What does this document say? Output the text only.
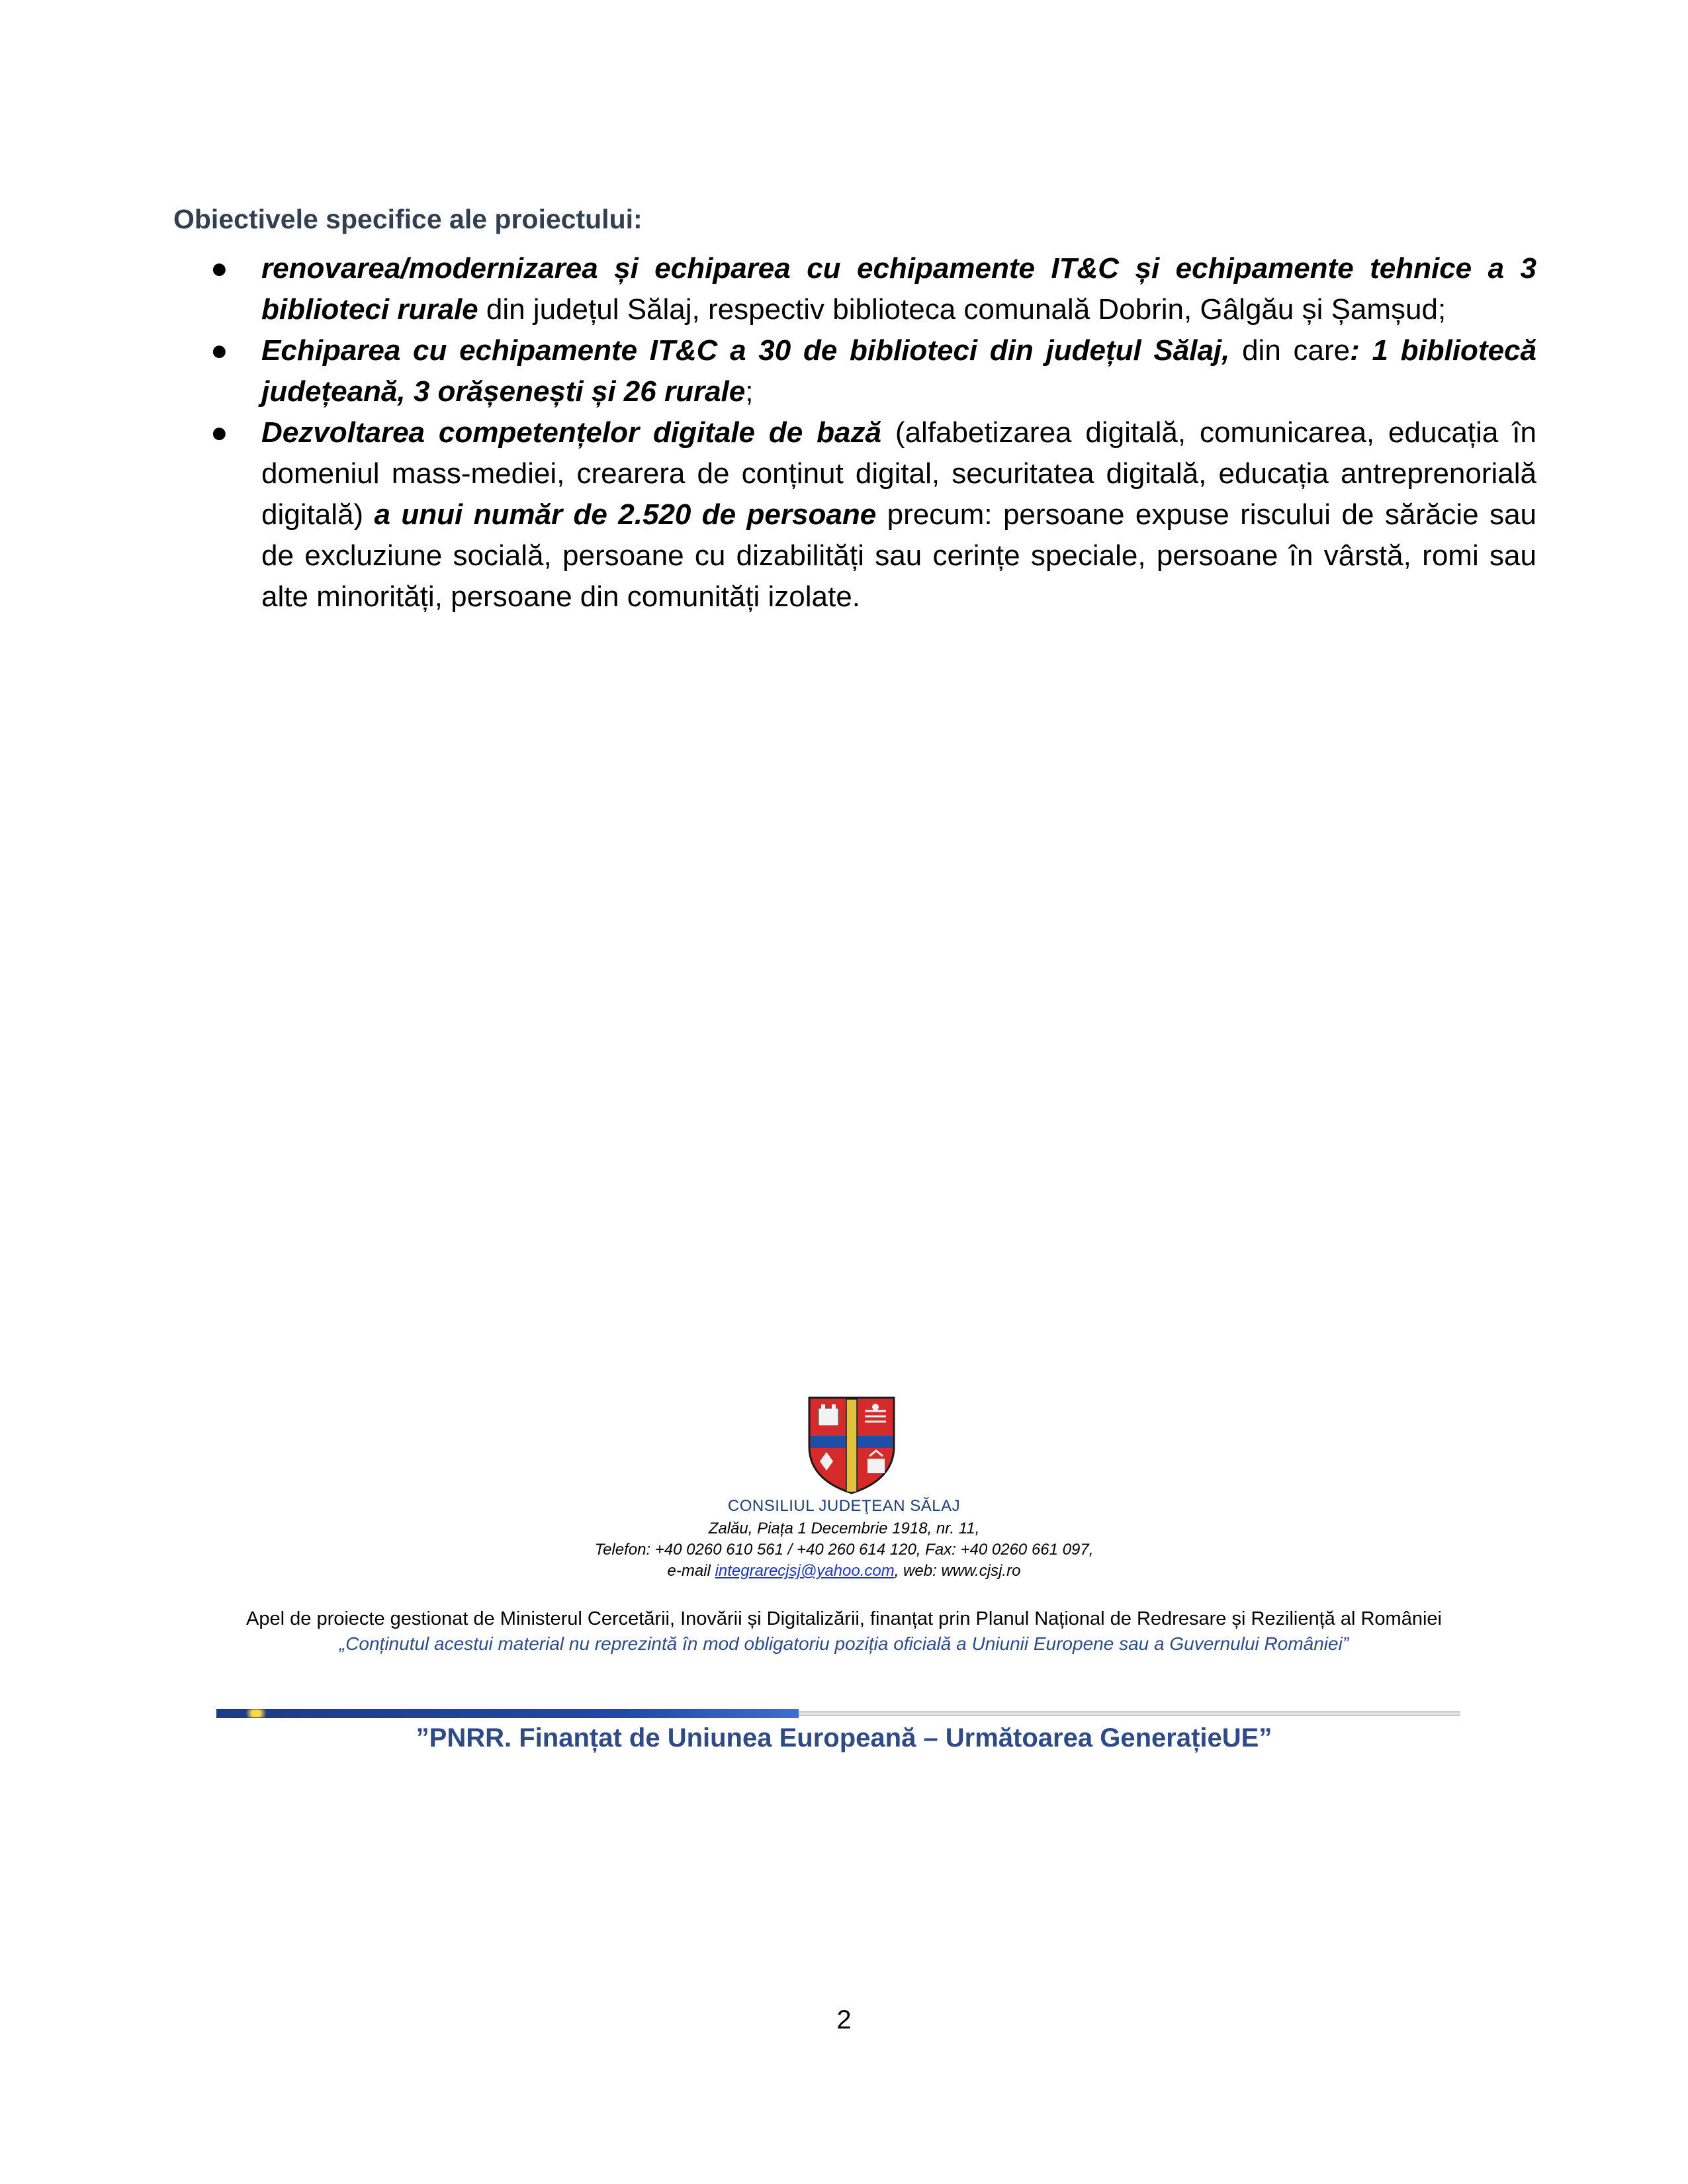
Obiectivele specifice ale proiectului:
● renovarea/modernizarea și echiparea cu echipamente IT&C și echipamente tehnice a 3 biblioteci rurale din județul Sălaj, respectiv biblioteca comunală Dobrin, Gâlgău și Șamșud;
● Echiparea cu echipamente IT&C a 30 de biblioteci din județul Sălaj, din care: 1 bibliotecă județeană, 3 orășenești și 26 rurale;
● Dezvoltarea competențelor digitale de bază (alfabetizarea digitală, comunicarea, educația în domeniul mass-mediei, crearera de conținut digital, securitatea digitală, educația antreprenorială digitală) a unui număr de 2.520 de persoane precum: persoane expuse riscului de sărăcie sau de excluziune socială, persoane cu dizabilități sau cerințe speciale, persoane în vârstă, romi sau alte minorități, persoane din comunități izolate.

CONSILIUL JUDEŢEAN SĂLAJ

Zalău, Piața 1 Decembrie 1918, nr. 11,

Telefon: +40 0260 610 561 / +40 260 614 120, Fax: +40 0260 661 097,

e-mail integrarecjsj@yahoo.com, web: www.cjsj.ro

Apel de proiecte gestionat de Ministerul Cercetării, Inovării și Digitalizării, finanțat prin Planul Național de Redresare și Reziliență al României

„Conținutul acestui material nu reprezintă în mod obligatoriu poziția oficială a Uniunii Europene sau a Guvernului României”

”PNRR. Finanțat de Uniunea Europeană – Următoarea GenerațieUE”

2
